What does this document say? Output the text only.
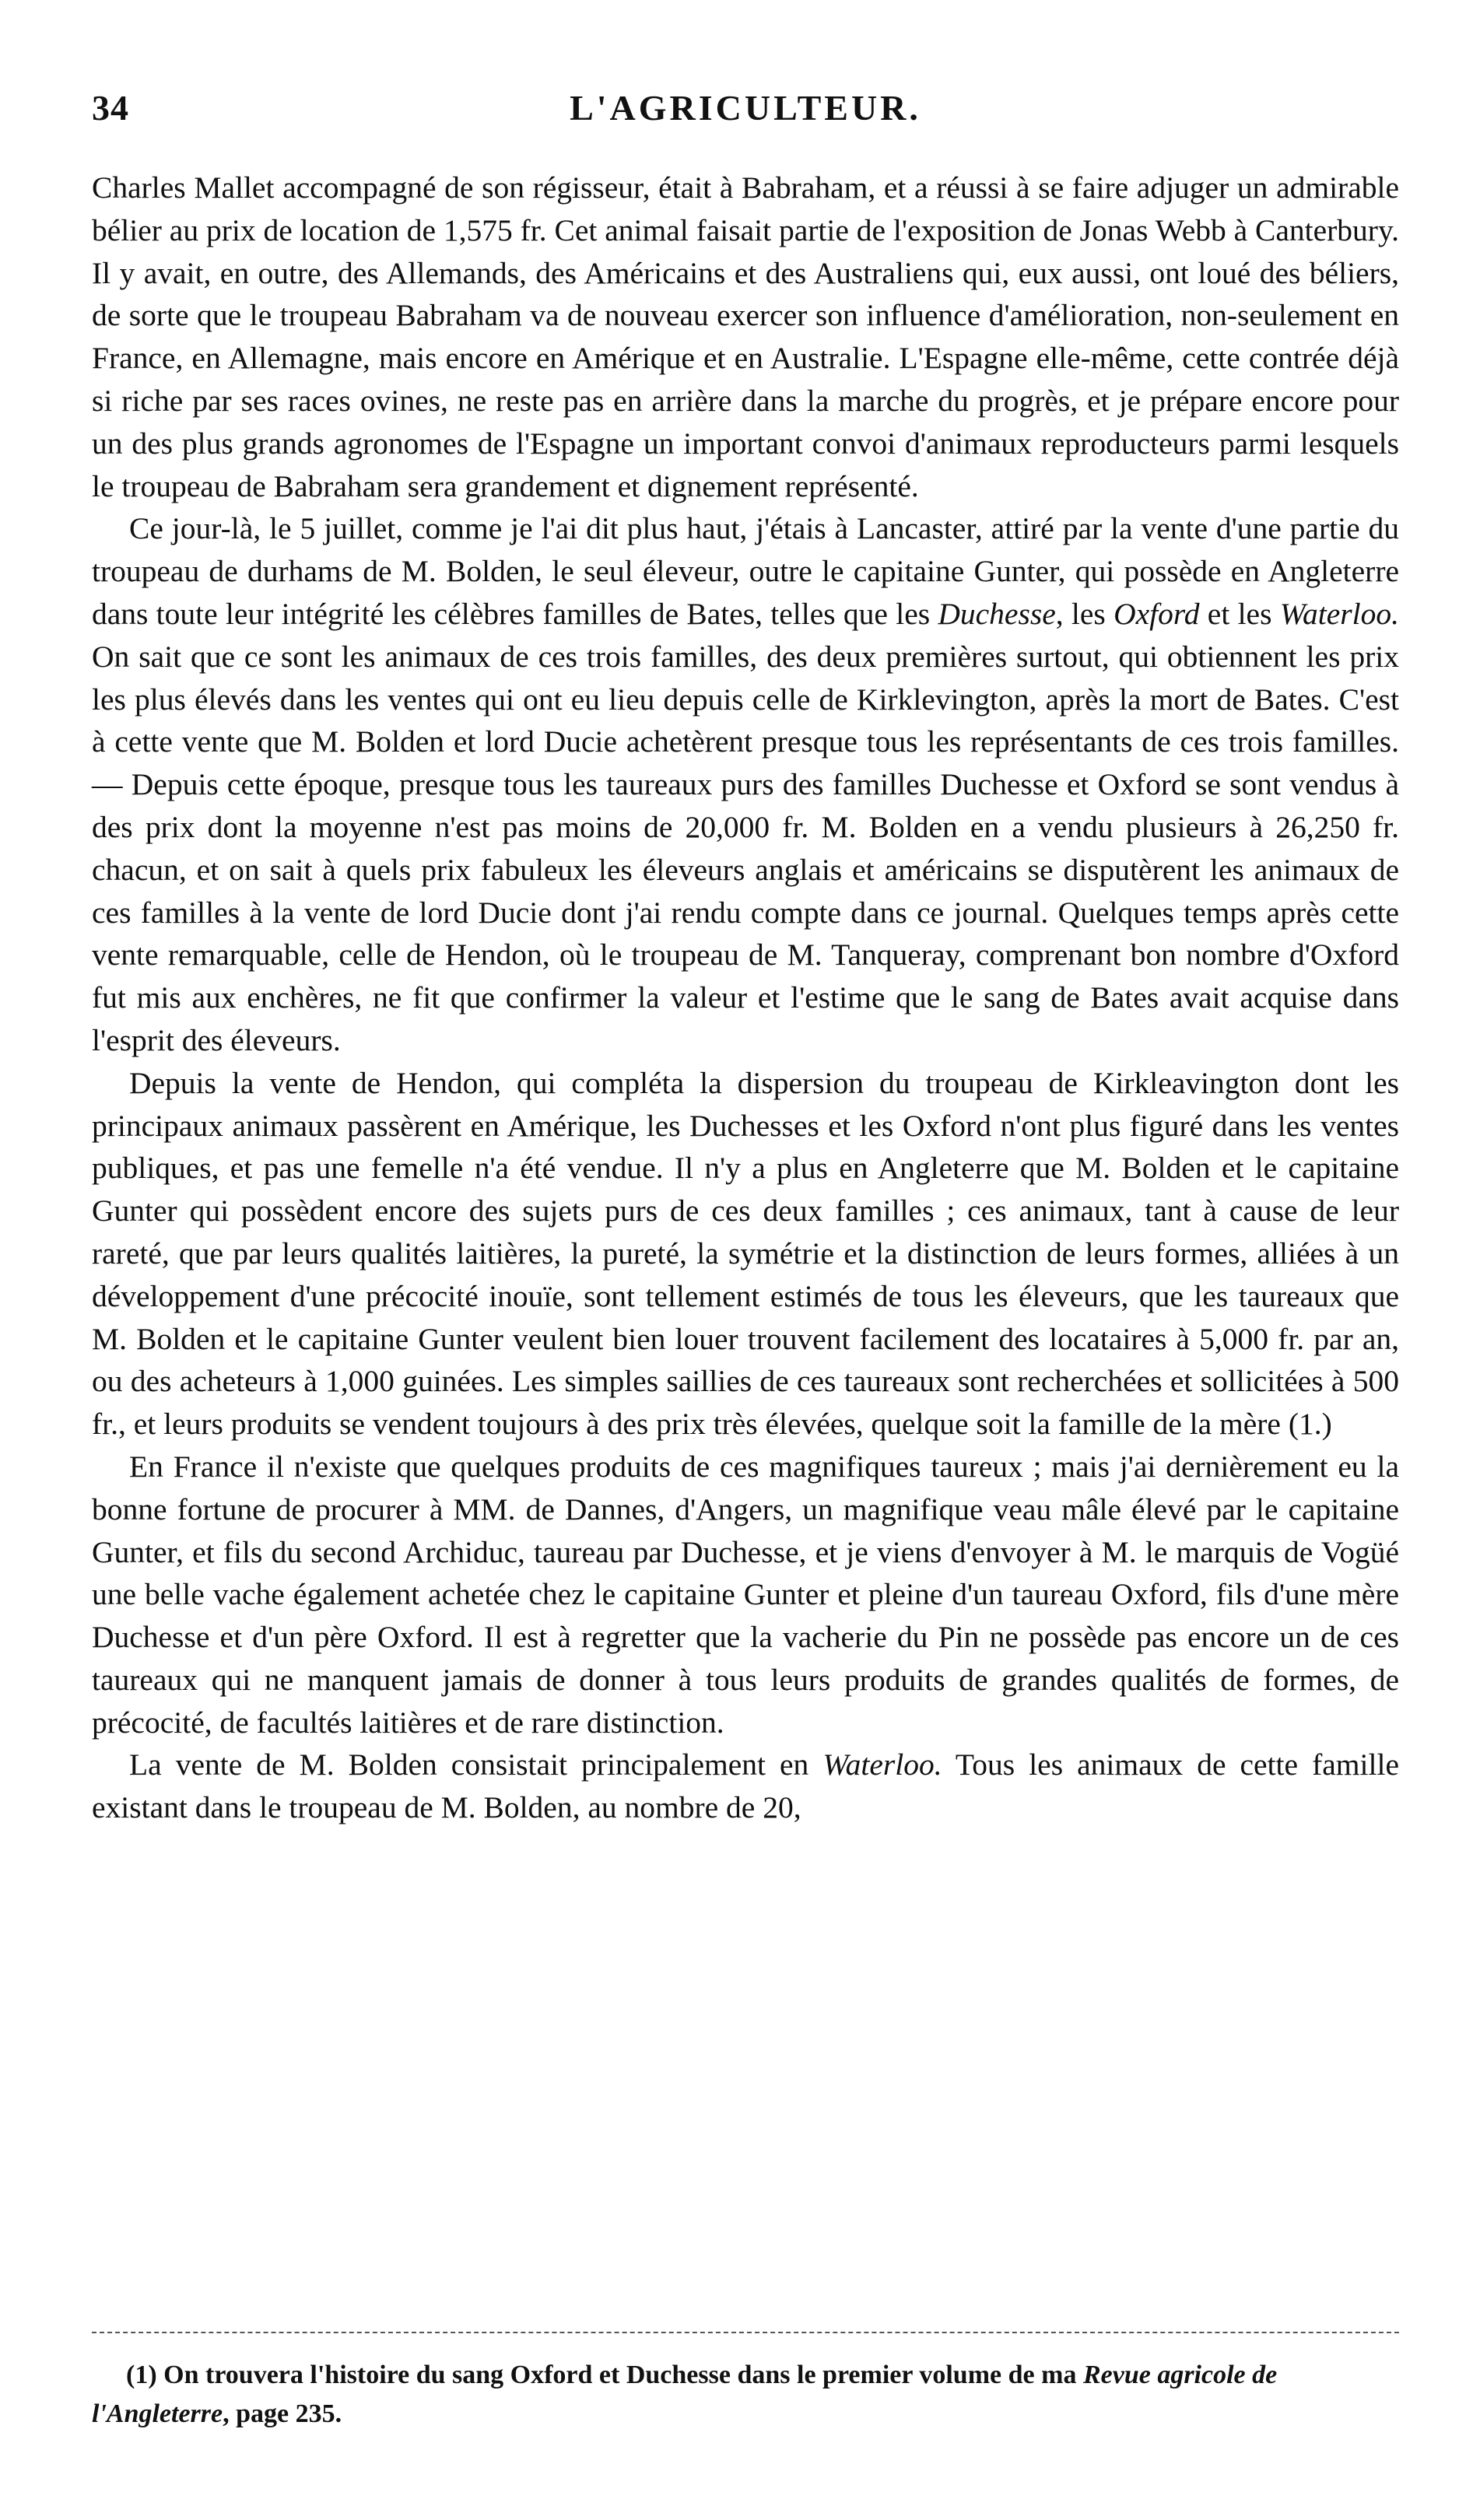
34	L'AGRICULTEUR.

Charles Mallet accompagné de son régisseur, était à Babraham, et a réussi à se faire adjuger un admirable bélier au prix de location de 1,575 fr. Cet animal faisait partie de l'exposition de Jonas Webb à Canterbury. Il y avait, en outre, des Allemands, des Américains et des Australiens qui, eux aussi, ont loué des béliers, de sorte que le troupeau Babraham va de nouveau exercer son influence d'amélioration, non-seulement en France, en Allemagne, mais encore en Amérique et en Australie. L'Espagne elle-même, cette contrée déjà si riche par ses races ovines, ne reste pas en arrière dans la marche du progrès, et je prépare encore pour un des plus grands agronomes de l'Espagne un important convoi d'animaux reproducteurs parmi lesquels le troupeau de Babraham sera grandement et dignement représenté.

Ce jour-là, le 5 juillet, comme je l'ai dit plus haut, j'étais à Lancaster, attiré par la vente d'une partie du troupeau de durhams de M. Bolden, le seul éleveur, outre le capitaine Gunter, qui possède en Angleterre dans toute leur intégrité les célèbres familles de Bates, telles que les Duchesse, les Oxford et les Waterloo. On sait que ce sont les animaux de ces trois familles, des deux premières surtout, qui obtiennent les prix les plus élevés dans les ventes qui ont eu lieu depuis celle de Kirklevington, après la mort de Bates. C'est à cette vente que M. Bolden et lord Ducie achetèrent presque tous les représentants de ces trois familles.— Depuis cette époque, presque tous les taureaux purs des familles Duchesse et Oxford se sont vendus à des prix dont la moyenne n'est pas moins de 20,000 fr. M. Bolden en a vendu plusieurs à 26,250 fr. chacun, et on sait à quels prix fabuleux les éleveurs anglais et américains se disputèrent les animaux de ces familles à la vente de lord Ducie dont j'ai rendu compte dans ce journal. Quelques temps après cette vente remarquable, celle de Hendon, où le troupeau de M. Tanqueray, comprenant bon nombre d'Oxford fut mis aux enchères, ne fit que confirmer la valeur et l'estime que le sang de Bates avait acquise dans l'esprit des éleveurs.

Depuis la vente de Hendon, qui compléta la dispersion du troupeau de Kirkleavington dont les principaux animaux passèrent en Amérique, les Duchesses et les Oxford n'ont plus figuré dans les ventes publiques, et pas une femelle n'a été vendue. Il n'y a plus en Angleterre que M. Bolden et le capitaine Gunter qui possèdent encore des sujets purs de ces deux familles ; ces animaux, tant à cause de leur rareté, que par leurs qualités laitières, la pureté, la symétrie et la distinction de leurs formes, alliées à un développement d'une précocité inouïe, sont tellement estimés de tous les éleveurs, que les taureaux que M. Bolden et le capitaine Gunter veulent bien louer trouvent facilement des locataires à 5,000 fr. par an, ou des acheteurs à 1,000 guinées. Les simples saillies de ces taureaux sont recherchées et sollicitées à 500 fr., et leurs produits se vendent toujours à des prix très élevées, quelque soit la famille de la mère (1.)

En France il n'existe que quelques produits de ces magnifiques taureux ; mais j'ai dernièrement eu la bonne fortune de procurer à MM. de Dannes, d'Angers, un magnifique veau mâle élevé par le capitaine Gunter, et fils du second Archiduc, taureau par Duchesse, et je viens d'envoyer à M. le marquis de Vogüé une belle vache également achetée chez le capitaine Gunter et pleine d'un taureau Oxford, fils d'une mère Duchesse et d'un père Oxford. Il est à regretter que la vacherie du Pin ne possède pas encore un de ces taureaux qui ne manquent jamais de donner à tous leurs produits de grandes qualités de formes, de précocité, de facultés laitières et de rare distinction.

La vente de M. Bolden consistait principalement en Waterloo. Tous les animaux de cette famille existant dans le troupeau de M. Bolden, au nombre de 20,

(1) On trouvera l'histoire du sang Oxford et Duchesse dans le premier volume de ma Revue agricole de l'Angleterre, page 235.
